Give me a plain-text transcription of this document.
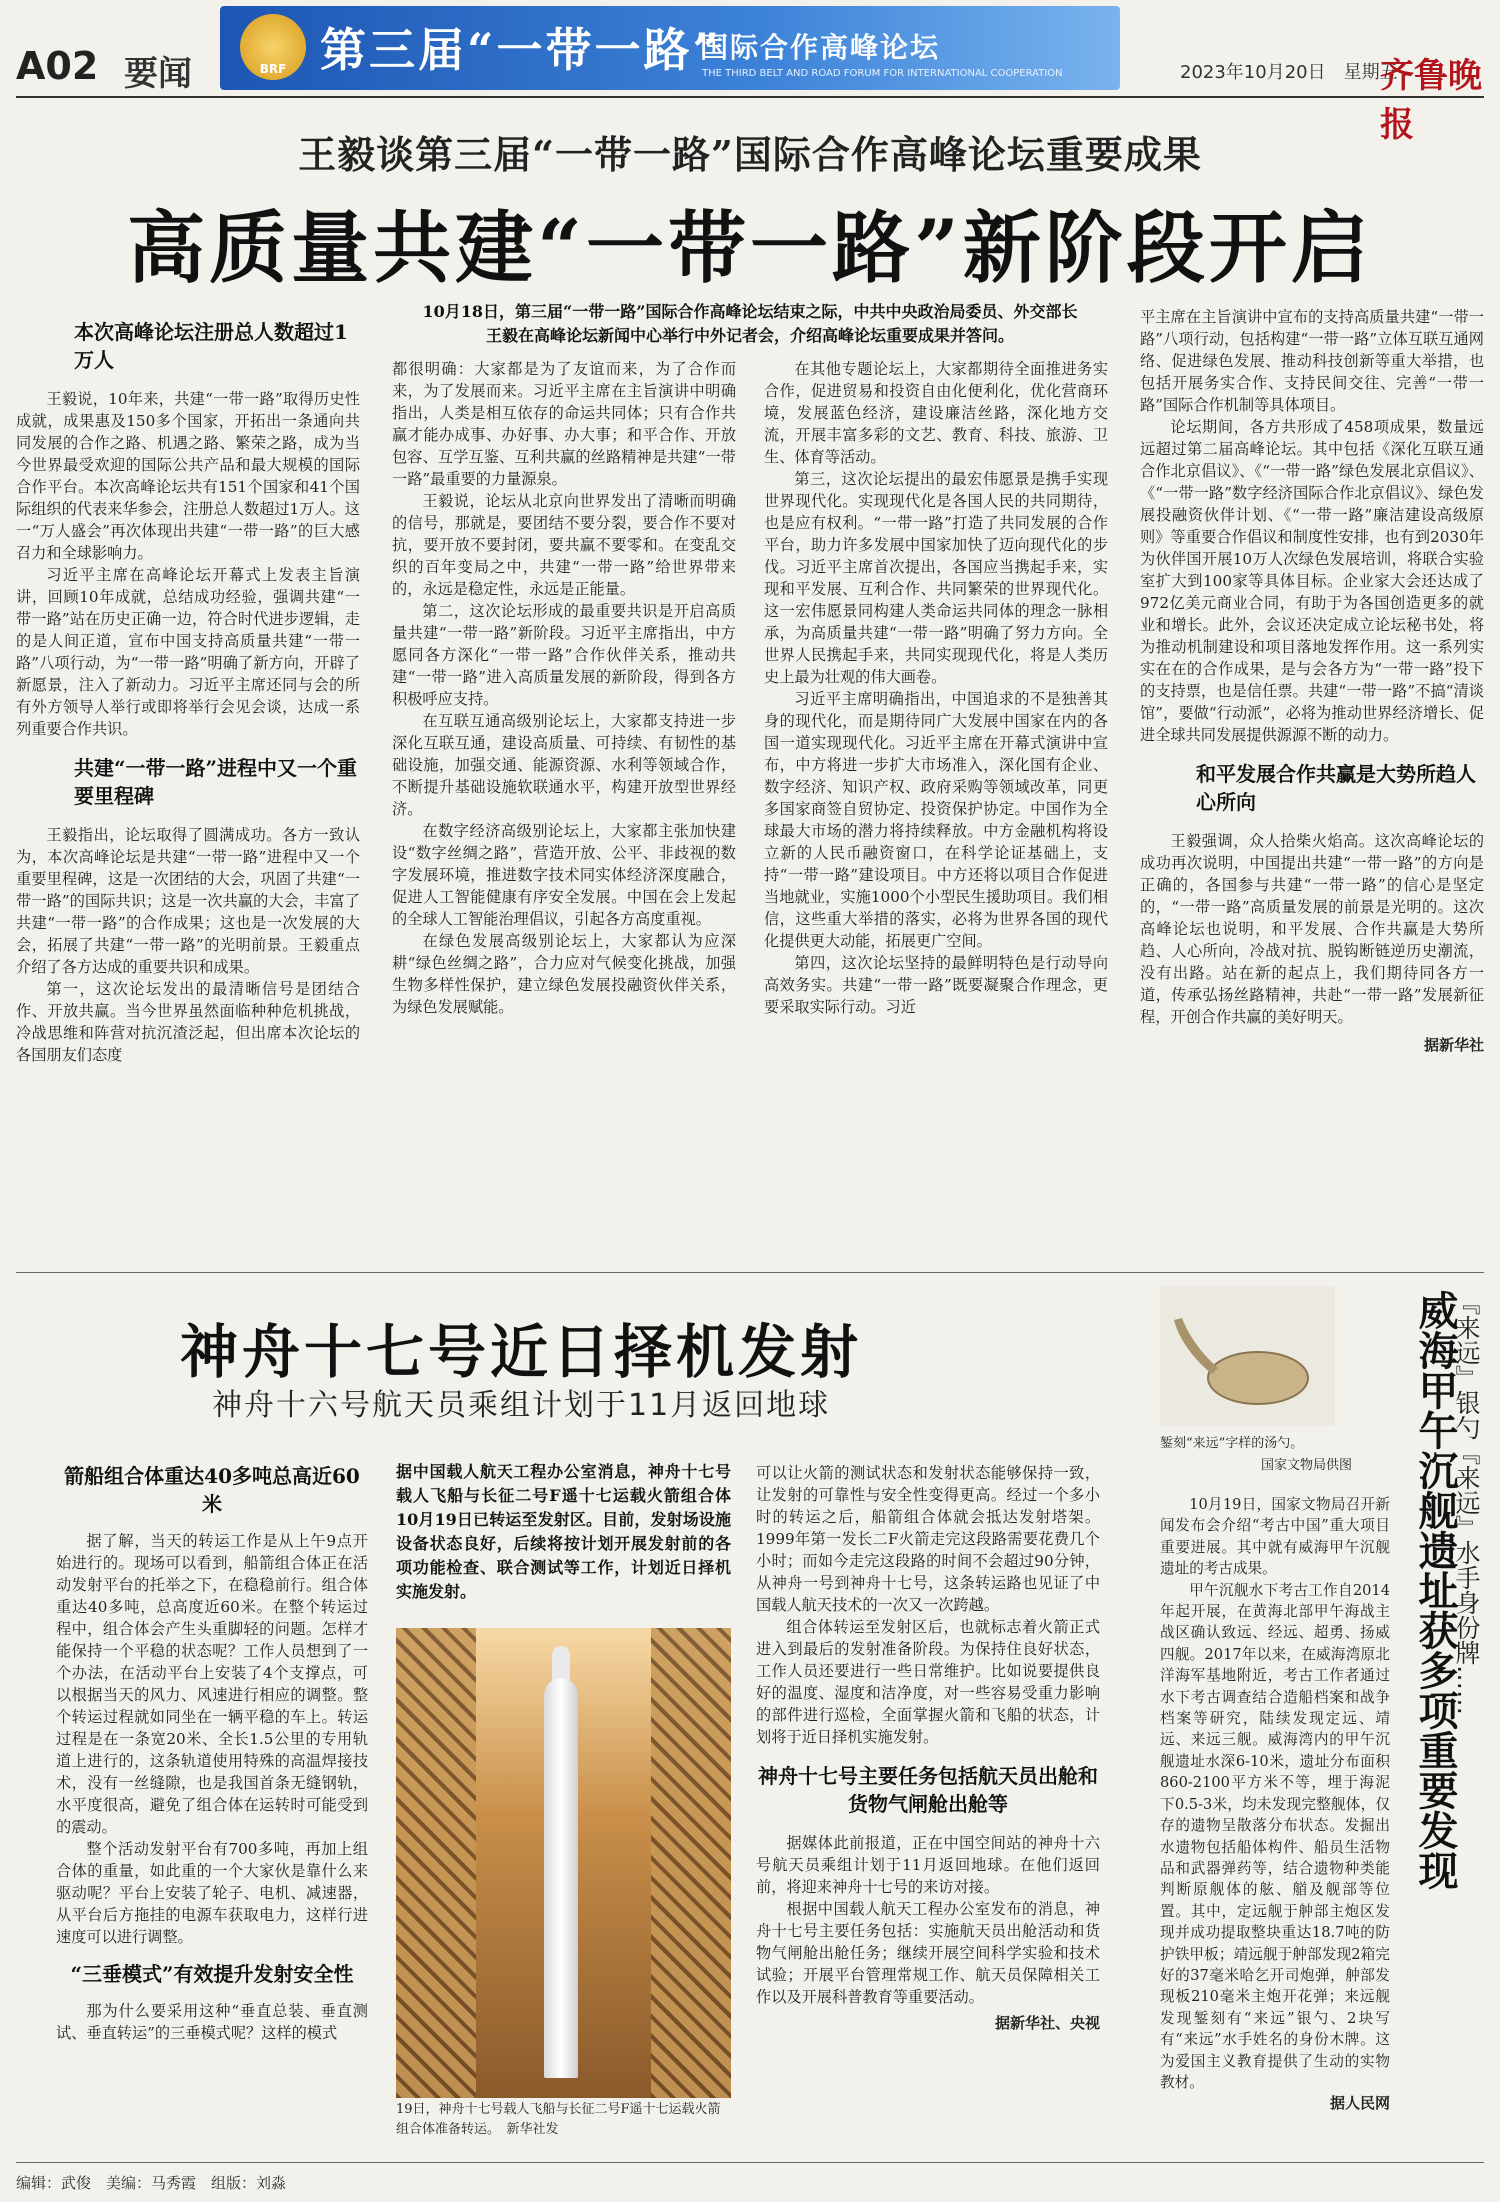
A02 要闻	BRF 第三届“一带一路”
国际合作高峰论坛
THE THIRD BELT AND ROAD FORUM FOR INTERNATIONAL COOPERATION	2023年10月20日　星期五
齐鲁晚报
王毅谈第三届“一带一路”国际合作高峰论坛重要成果
高质量共建“一带一路”新阶段开启
10月18日，第三届“一带一路”国际合作高峰论坛结束之际，中共中央政治局委员、外交部长王毅在高峰论坛新闻中心举行中外记者会，介绍高峰论坛重要成果并答问。
本次高峰论坛注册总人数超过1万人

王毅说，10年来，共建“一带一路”取得历史性成就，成果惠及150多个国家，开拓出一条通向共同发展的合作之路、机遇之路、繁荣之路，成为当今世界最受欢迎的国际公共产品和最大规模的国际合作平台。本次高峰论坛共有151个国家和41个国际组织的代表来华参会，注册总人数超过1万人。这一“万人盛会”再次体现出共建“一带一路”的巨大感召力和全球影响力。

习近平主席在高峰论坛开幕式上发表主旨演讲，回顾10年成就，总结成功经验，强调共建“一带一路”站在历史正确一边，符合时代进步逻辑，走的是人间正道，宣布中国支持高质量共建“一带一路”八项行动，为“一带一路”明确了新方向，开辟了新愿景，注入了新动力。习近平主席还同与会的所有外方领导人举行或即将举行会见会谈，达成一系列重要合作共识。

共建“一带一路”进程中又一个重要里程碑

王毅指出，论坛取得了圆满成功。各方一致认为，本次高峰论坛是共建“一带一路”进程中又一个重要里程碑，这是一次团结的大会，巩固了共建“一带一路”的国际共识；这是一次共赢的大会，丰富了共建“一带一路”的合作成果；这也是一次发展的大会，拓展了共建“一带一路”的光明前景。王毅重点介绍了各方达成的重要共识和成果。

第一，这次论坛发出的最清晰信号是团结合作、开放共赢。当今世界虽然面临种种危机挑战，冷战思维和阵营对抗沉渣泛起，但出席本次论坛的各国朋友们态度

都很明确：大家都是为了友谊而来，为了合作而来，为了发展而来。习近平主席在主旨演讲中明确指出，人类是相互依存的命运共同体；只有合作共赢才能办成事、办好事、办大事；和平合作、开放包容、互学互鉴、互利共赢的丝路精神是共建“一带一路”最重要的力量源泉。

王毅说，论坛从北京向世界发出了清晰而明确的信号，那就是，要团结不要分裂，要合作不要对抗，要开放不要封闭，要共赢不要零和。在变乱交织的百年变局之中，共建“一带一路”给世界带来的，永远是稳定性，永远是正能量。

第二，这次论坛形成的最重要共识是开启高质量共建“一带一路”新阶段。习近平主席指出，中方愿同各方深化“一带一路”合作伙伴关系，推动共建“一带一路”进入高质量发展的新阶段，得到各方积极呼应支持。

在互联互通高级别论坛上，大家都支持进一步深化互联互通，建设高质量、可持续、有韧性的基础设施，加强交通、能源资源、水利等领域合作，不断提升基础设施软联通水平，构建开放型世界经济。

在数字经济高级别论坛上，大家都主张加快建设“数字丝绸之路”，营造开放、公平、非歧视的数字发展环境，推进数字技术同实体经济深度融合，促进人工智能健康有序安全发展。中国在会上发起的全球人工智能治理倡议，引起各方高度重视。

在绿色发展高级别论坛上，大家都认为应深耕“绿色丝绸之路”，合力应对气候变化挑战，加强生物多样性保护，建立绿色发展投融资伙伴关系，为绿色发展赋能。

在其他专题论坛上，大家都期待全面推进务实合作，促进贸易和投资自由化便利化，优化营商环境，发展蓝色经济，建设廉洁丝路，深化地方交流，开展丰富多彩的文艺、教育、科技、旅游、卫生、体育等活动。

第三，这次论坛提出的最宏伟愿景是携手实现世界现代化。实现现代化是各国人民的共同期待，也是应有权利。“一带一路”打造了共同发展的合作平台，助力许多发展中国家加快了迈向现代化的步伐。习近平主席首次提出，各国应当携起手来，实现和平发展、互利合作、共同繁荣的世界现代化。这一宏伟愿景同构建人类命运共同体的理念一脉相承，为高质量共建“一带一路”明确了努力方向。全世界人民携起手来，共同实现现代化，将是人类历史上最为壮观的伟大画卷。

习近平主席明确指出，中国追求的不是独善其身的现代化，而是期待同广大发展中国家在内的各国一道实现现代化。习近平主席在开幕式演讲中宣布，中方将进一步扩大市场准入，深化国有企业、数字经济、知识产权、政府采购等领域改革，同更多国家商签自贸协定、投资保护协定。中国作为全球最大市场的潜力将持续释放。中方金融机构将设立新的人民币融资窗口，在科学论证基础上，支持“一带一路”建设项目。中方还将以项目合作促进当地就业，实施1000个小型民生援助项目。我们相信，这些重大举措的落实，必将为世界各国的现代化提供更大动能，拓展更广空间。

第四，这次论坛坚持的最鲜明特色是行动导向高效务实。共建“一带一路”既要凝聚合作理念，更要采取实际行动。习近

平主席在主旨演讲中宣布的支持高质量共建“一带一路”八项行动，包括构建“一带一路”立体互联互通网络、促进绿色发展、推动科技创新等重大举措，也包括开展务实合作、支持民间交往、完善“一带一路”国际合作机制等具体项目。

论坛期间，各方共形成了458项成果，数量远远超过第二届高峰论坛。其中包括《深化互联互通合作北京倡议》、《“一带一路”绿色发展北京倡议》、《“一带一路”数字经济国际合作北京倡议》、绿色发展投融资伙伴计划、《“一带一路”廉洁建设高级原则》等重要合作倡议和制度性安排，也有到2030年为伙伴国开展10万人次绿色发展培训，将联合实验室扩大到100家等具体目标。企业家大会还达成了972亿美元商业合同，有助于为各国创造更多的就业和增长。此外，会议还决定成立论坛秘书处，将为推动机制建设和项目落地发挥作用。这一系列实实在在的合作成果，是与会各方为“一带一路”投下的支持票，也是信任票。共建“一带一路”不搞“清谈馆”，要做“行动派”，必将为推动世界经济增长、促进全球共同发展提供源源不断的动力。

和平发展合作共赢是大势所趋人心所向

王毅强调，众人拾柴火焰高。这次高峰论坛的成功再次说明，中国提出共建“一带一路”的方向是正确的，各国参与共建“一带一路”的信心是坚定的，“一带一路”高质量发展的前景是光明的。这次高峰论坛也说明，和平发展、合作共赢是大势所趋、人心所向，冷战对抗、脱钩断链逆历史潮流，没有出路。站在新的起点上，我们期待同各方一道，传承弘扬丝路精神，共赴“一带一路”发展新征程，开创合作共赢的美好明天。

据新华社
神舟十七号近日择机发射
神舟十六号航天员乘组计划于11月返回地球
箭船组合体重达40多吨总高近60米

据了解，当天的转运工作是从上午9点开始进行的。现场可以看到，船箭组合体正在活动发射平台的托举之下，在稳稳前行。组合体重达40多吨，总高度近60米。在整个转运过程中，组合体会产生头重脚轻的问题。怎样才能保持一个平稳的状态呢？工作人员想到了一个办法，在活动平台上安装了4个支撑点，可以根据当天的风力、风速进行相应的调整。整个转运过程就如同坐在一辆平稳的车上。转运过程是在一条宽20米、全长1.5公里的专用轨道上进行的，这条轨道使用特殊的高温焊接技术，没有一丝缝隙，也是我国首条无缝钢轨，水平度很高，避免了组合体在运转时可能受到的震动。

整个活动发射平台有700多吨，再加上组合体的重量，如此重的一个大家伙是靠什么来驱动呢？平台上安装了轮子、电机、减速器，从平台后方拖挂的电源车获取电力，这样行进速度可以进行调整。

“三垂模式”有效提升发射安全性

那为什么要采用这种“垂直总装、垂直测试、垂直转运”的三垂模式呢？这样的模式

据中国载人航天工程办公室消息，神舟十七号载人飞船与长征二号F遥十七运载火箭组合体10月19日已转运至发射区。目前，发射场设施设备状态良好，后续将按计划开展发射前的各项功能检查、联合测试等工作，计划近日择机实施发射。
19日，神舟十七号载人飞船与长征二号F遥十七运载火箭组合体准备转运。　新华社发

可以让火箭的测试状态和发射状态能够保持一致，让发射的可靠性与安全性变得更高。经过一个多小时的转运之后，船箭组合体就会抵达发射塔架。1999年第一发长二F火箭走完这段路需要花费几个小时；而如今走完这段路的时间不会超过90分钟，从神舟一号到神舟十七号，这条转运路也见证了中国载人航天技术的一次又一次跨越。

组合体转运至发射区后，也就标志着火箭正式进入到最后的发射准备阶段。为保持住良好状态，工作人员还要进行一些日常维护。比如说要提供良好的温度、湿度和洁净度，对一些容易受重力影响的部件进行巡检，全面掌握火箭和飞船的状态，计划将于近日择机实施发射。

神舟十七号主要任务包括航天员出舱和货物气闸舱出舱等

据媒体此前报道，正在中国空间站的神舟十六号航天员乘组计划于11月返回地球。在他们返回前，将迎来神舟十七号的来访对接。

根据中国载人航天工程办公室发布的消息，神舟十七号主要任务包括：实施航天员出舱活动和货物气闸舱出舱任务；继续开展空间科学实验和技术试验；开展平台管理常规工作、航天员保障相关工作以及开展科普教育等重要活动。

据新华社、央视
錾刻“来远”字样的汤勺。
国家文物局供图	威海甲午沉舰遗址获多项重要发现
『来远』银勺『来远』水手身份牌……

10月19日，国家文物局召开新闻发布会介绍“考古中国”重大项目重要进展。其中就有威海甲午沉舰遗址的考古成果。

甲午沉舰水下考古工作自2014年起开展，在黄海北部甲午海战主战区确认致远、经远、超勇、扬威四舰。2017年以来，在威海湾原北洋海军基地附近，考古工作者通过水下考古调查结合造船档案和战争档案等研究，陆续发现定远、靖远、来远三舰。威海湾内的甲午沉舰遗址水深6-10米，遗址分布面积860-2100平方米不等，埋于海泥下0.5-3米，均未发现完整舰体，仅存的遗物呈散落分布状态。发掘出水遗物包括船体构件、船员生活物品和武器弹药等，结合遗物种类能判断原舰体的舷、艏及舰部等位置。其中，定远舰于舯部主炮区发现并成功提取整块重达18.7吨的防护铁甲板；靖远舰于舯部发现2箱完好的37毫米哈乞开司炮弹，舯部发现板210毫米主炮开花弹；来远舰发现錾刻有“来远”银勺、2块写有“来远”水手姓名的身份木牌。这为爱国主义教育提供了生动的实物教材。

据人民网
编辑：武俊　美编：马秀霞　组版：刘淼
